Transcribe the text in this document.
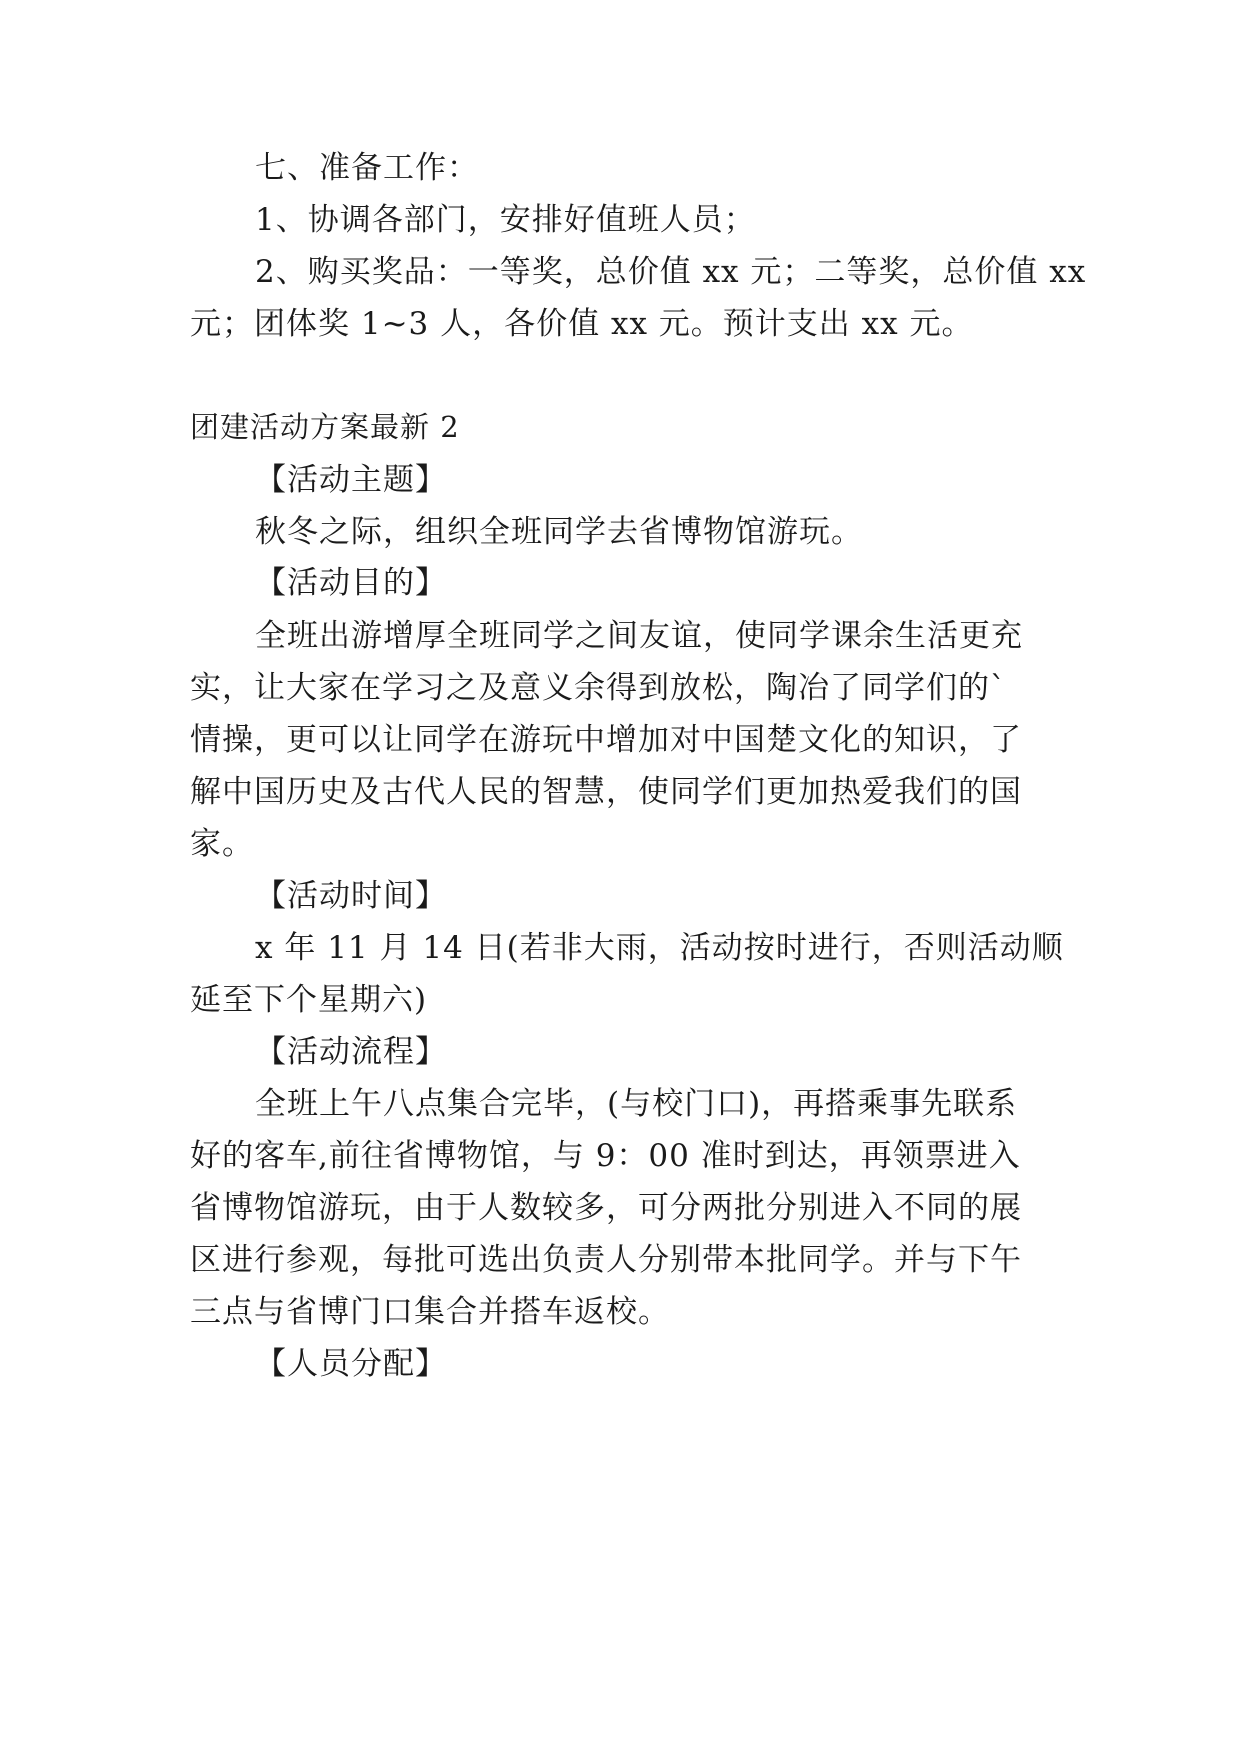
七、准备工作：
1、协调各部门，安排好值班人员；
2、购买奖品：一等奖，总价值 xx 元；二等奖，总价值 xx
元；团体奖 1~3 人，各价值 xx 元。预计支出 xx 元。
团建活动方案最新 2
【活动主题】
秋冬之际，组织全班同学去省博物馆游玩。
【活动目的】
全班出游增厚全班同学之间友谊，使同学课余生活更充
实，让大家在学习之及意义余得到放松，陶冶了同学们的`
情操，更可以让同学在游玩中增加对中国楚文化的知识，了
解中国历史及古代人民的智慧，使同学们更加热爱我们的国
家。
【活动时间】
x 年 11 月 14 日(若非大雨，活动按时进行，否则活动顺
延至下个星期六)
【活动流程】
全班上午八点集合完毕，(与校门口)，再搭乘事先联系
好的客车,前往省博物馆，与 9：00 准时到达，再领票进入
省博物馆游玩，由于人数较多，可分两批分别进入不同的展
区进行参观，每批可选出负责人分别带本批同学。并与下午
三点与省博门口集合并搭车返校。
【人员分配】
